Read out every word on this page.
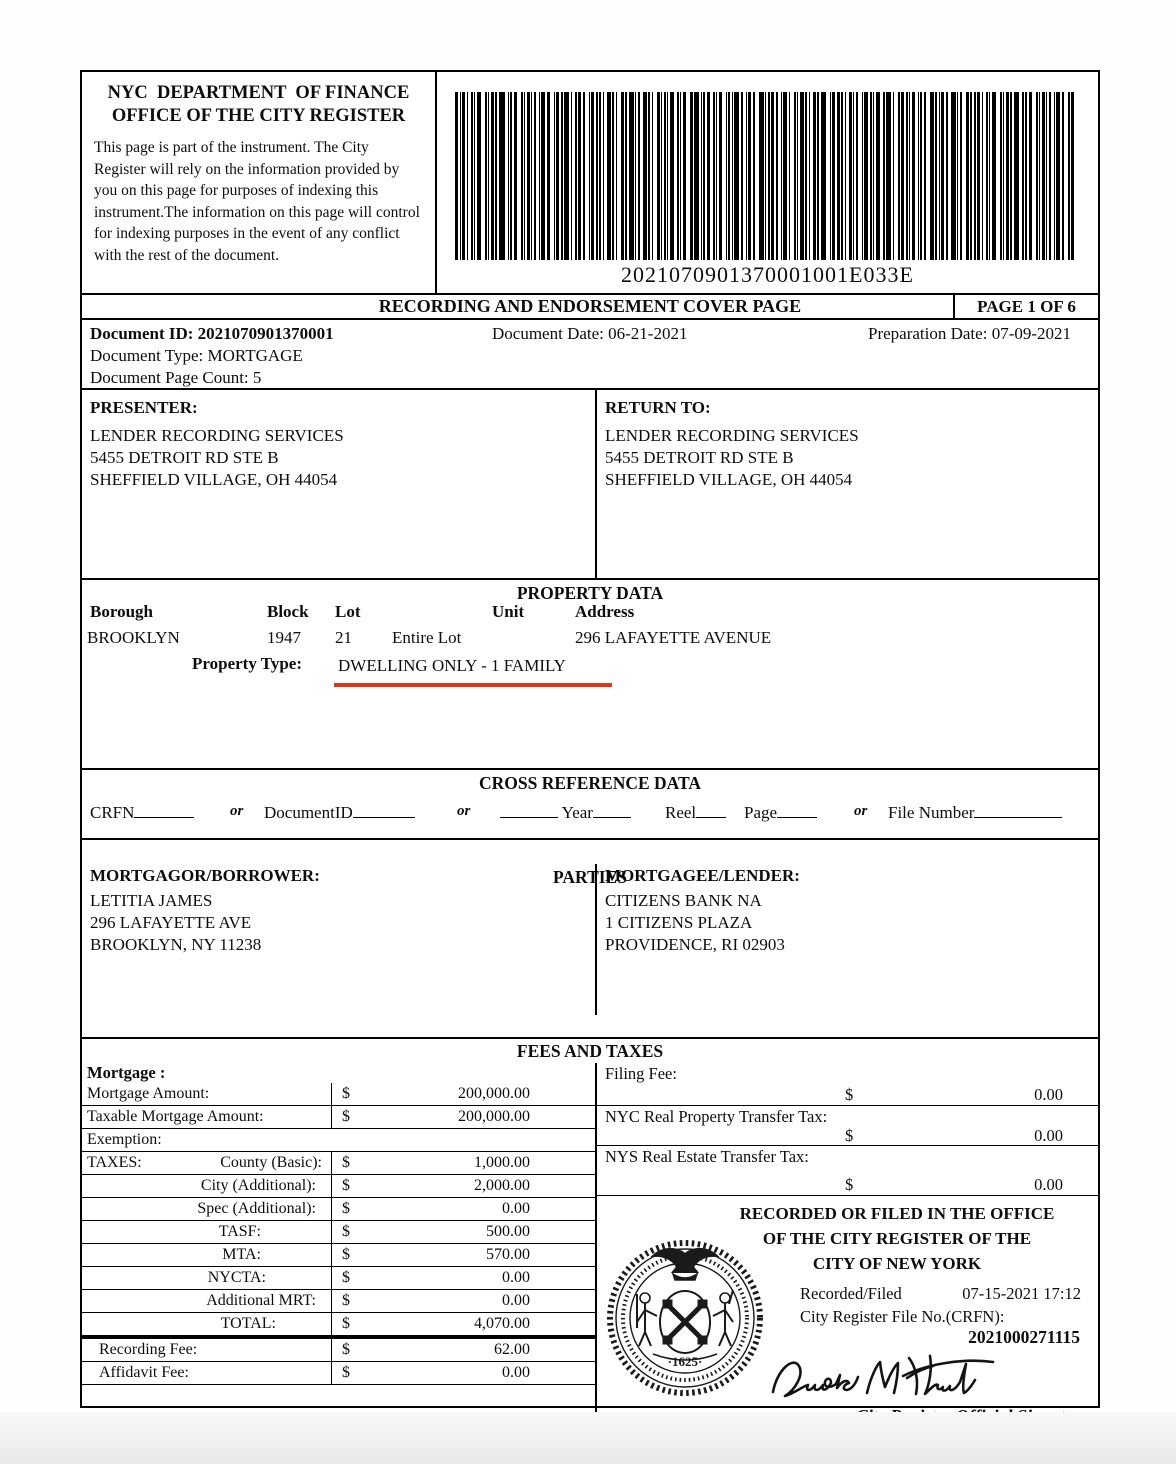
NYC  DEPARTMENT  OF FINANCE
OFFICE OF THE CITY REGISTER
This page is part of the instrument. The City Register will rely on the information provided by you on this page for purposes of indexing this instrument.The information on this page will control for indexing purposes in the event of any conflict with the rest of the document.
2021070901370001001E033E
RECORDING AND ENDORSEMENT COVER PAGE	PAGE 1 OF 6
Document ID: 2021070901370001	Document Date: 06-21-2021	Preparation Date: 07-09-2021
Document Type: MORTGAGE
Document Page Count: 5
PRESENTER:
LENDER RECORDING SERVICES
5455 DETROIT RD STE B
SHEFFIELD VILLAGE, OH 44054
RETURN TO:
LENDER RECORDING SERVICES
5455 DETROIT RD STE B
SHEFFIELD VILLAGE, OH 44054
PROPERTY DATA
Borough	Block Lot	Unit	Address
BROOKLYN	1947 21 Entire Lot	296 LAFAYETTE AVENUE
Property Type: DWELLING ONLY - 1 FAMILY
CROSS REFERENCE DATA
CRFN	or DocumentID	or	Year	Reel	Page	or File Number
PARTIES
MORTGAGOR/BORROWER:
LETITIA JAMES
296 LAFAYETTE AVE
BROOKLYN, NY 11238
MORTGAGEE/LENDER:
CITIZENS BANK NA
1 CITIZENS PLAZA
PROVIDENCE, RI 02903
FEES AND TAXES
Mortgage :
Mortgage Amount:	$	200,000.00
Taxable Mortgage Amount:	$	200,000.00
Exemption:
TAXES:	County (Basic): $	1,000.00
City (Additional):	$	2,000.00
Spec (Additional):	$	0.00
TASF:	$	500.00
MTA:	$	570.00
NYCTA:	$	0.00
Additional MRT:	$	0.00
TOTAL:	$	4,070.00
Recording Fee:	$	62.00
Affidavit Fee:	$	0.00
Filing Fee:
$	0.00
NYC Real Property Transfer Tax:
$	0.00
NYS Real Estate Transfer Tax:
$	0.00
RECORDED OR FILED IN THE OFFICE
OF THE CITY REGISTER OF THE
CITY OF NEW YORK
·1625·
Recorded/Filed	07-15-2021 17:12
City Register File No.(CRFN):
2021000271115
